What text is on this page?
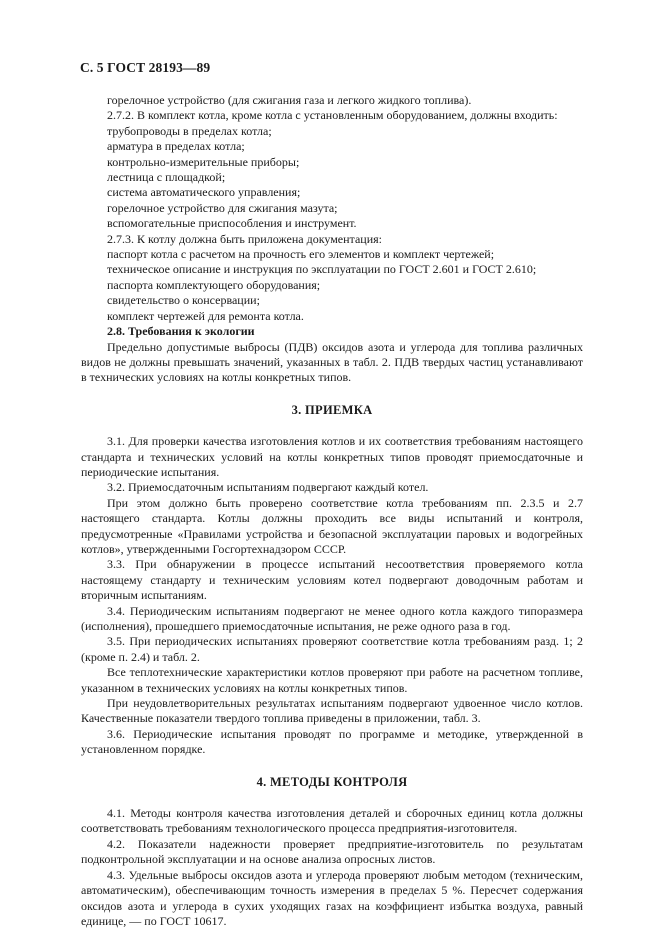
С. 5 ГОСТ 28193—89

горелочное устройство (для сжигания газа и легкого жидкого топлива).

2.7.2. В комплект котла, кроме котла с установленным оборудованием, должны входить:

трубопроводы в пределах котла;

арматура в пределах котла;

контрольно-измерительные приборы;

лестница с площадкой;

система автоматического управления;

горелочное устройство для сжигания мазута;

вспомогательные приспособления и инструмент.

2.7.3. К котлу должна быть приложена документация:

паспорт котла с расчетом на прочность его элементов и комплект чертежей;

техническое описание и инструкция по эксплуатации по ГОСТ 2.601 и ГОСТ 2.610;

паспорта комплектующего оборудования;

свидетельство о консервации;

комплект чертежей для ремонта котла.

2.8. Требования к экологии

Предельно допустимые выбросы (ПДВ) оксидов азота и углерода для топлива различных видов не должны превышать значений, указанных в табл. 2. ПДВ твердых частиц устанавливают в технических условиях на котлы конкретных типов.

3. ПРИЕМКА

3.1. Для проверки качества изготовления котлов и их соответствия требованиям настоящего стандарта и технических условий на котлы конкретных типов проводят приемосдаточные и периодические испытания.

3.2. Приемосдаточным испытаниям подвергают каждый котел.

При этом должно быть проверено соответствие котла требованиям пп. 2.3.5 и 2.7 настоящего стандарта. Котлы должны проходить все виды испытаний и контроля, предусмотренные «Правилами устройства и безопасной эксплуатации паровых и водогрейных котлов», утвержденными Госгортехнадзором СССР.

3.3. При обнаружении в процессе испытаний несоответствия проверяемого котла настоящему стандарту и техническим условиям котел подвергают доводочным работам и вторичным испытаниям.

3.4. Периодическим испытаниям подвергают не менее одного котла каждого типоразмера (исполнения), прошедшего приемосдаточные испытания, не реже одного раза в год.

3.5. При периодических испытаниях проверяют соответствие котла требованиям разд. 1; 2 (кроме п. 2.4) и табл. 2.

Все теплотехнические характеристики котлов проверяют при работе на расчетном топливе, указанном в технических условиях на котлы конкретных типов.

При неудовлетворительных результатах испытаниям подвергают удвоенное число котлов. Качественные показатели твердого топлива приведены в приложении, табл. 3.

3.6. Периодические испытания проводят по программе и методике, утвержденной в установленном порядке.

4. МЕТОДЫ КОНТРОЛЯ

4.1. Методы контроля качества изготовления деталей и сборочных единиц котла должны соответствовать требованиям технологического процесса предприятия-изготовителя.

4.2. Показатели надежности проверяет предприятие-изготовитель по результатам подконтрольной эксплуатации и на основе анализа опросных листов.

4.3. Удельные выбросы оксидов азота и углерода проверяют любым методом (техническим, автоматическим), обеспечивающим точность измерения в пределах 5 %. Пересчет содержания оксидов азота и углерода в сухих уходящих газах на коэффициент избытка воздуха, равный единице, — по ГОСТ 10617.
